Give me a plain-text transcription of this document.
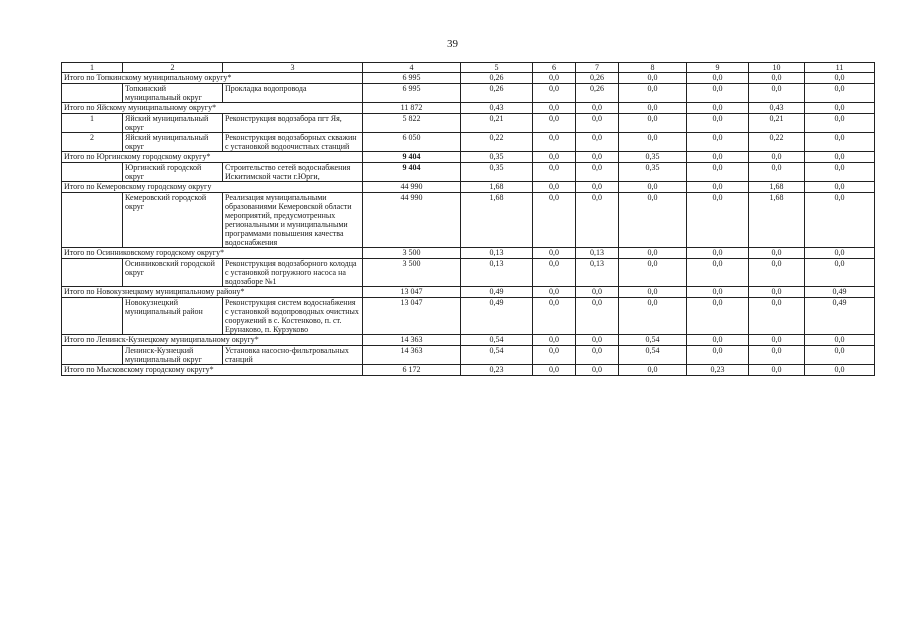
39
1	2	3	4	5	6	7	8	9	10	11
Итого по Топкинскому муниципальному округу*			6 995	0,26	0,0	0,26	0,0	0,0	0,0	0,0
	Топкинский муниципальный округ	Прокладка водопровода	6 995	0,26	0,0	0,26	0,0	0,0	0,0	0,0
Итого по Яйскому муниципальному округу*			11 872	0,43	0,0	0,0	0,0	0,0	0,43	0,0
1	Яйский муниципальный округ	Реконструкция водозабора пгт Яя,	5 822	0,21	0,0	0,0	0,0	0,0	0,21	0,0
2	Яйский муниципальный округ	Реконструкция водозаборных скважин с установкой водоочистных станций	6 050	0,22	0,0	0,0	0,0	0,0	0,22	0,0
Итого по Юргинскому городскому округу*			9 404	0,35	0,0	0,0	0,35	0,0	0,0	0,0
	Юргинский городской округ	Строительство сетей водоснабжения Искитимской части г.Юрги,	9 404	0,35	0,0	0,0	0,35	0,0	0,0	0,0
Итого по Кемеровскому городскому округу			44 990	1,68	0,0	0,0	0,0	0,0	1,68	0,0
	Кемеровский городской округ	Реализация муниципальными образованиями Кемеровской области мероприятий, предусмотренных региональными и муниципальными программами повышения качества водоснабжения	44 990	1,68	0,0	0,0	0,0	0,0	1,68	0,0
Итого по Осинниковскому городскому округу*			3 500	0,13	0,0	0,13	0,0	0,0	0,0	0,0
	Осинниковский городской округ	Реконструкция водозаборного колодца с установкой погружного насоса на водозаборе №1	3 500	0,13	0,0	0,13	0,0	0,0	0,0	0,0
Итого по Новокузнецкому муниципальному району*			13 047	0,49	0,0	0,0	0,0	0,0	0,0	0,49
	Новокузнецкий муниципальный район	Реконструкция систем водоснабжения с установкой водопроводных очистных сооружений в с. Костенково, п. ст. Ерунаково, п. Курзуково	13 047	0,49	0,0	0,0	0,0	0,0	0,0	0,49
Итого по Ленинск-Кузнецкому муниципальному округу*			14 363	0,54	0,0	0,0	0,54	0,0	0,0	0,0
	Ленинск-Кузнецкий муниципальный округ	Установка насосно-фильтровальных станций	14 363	0,54	0,0	0,0	0,54	0,0	0,0	0,0
Итого по Мысковскому городскому округу*			6 172	0,23	0,0	0,0	0,0	0,23	0,0	0,0
